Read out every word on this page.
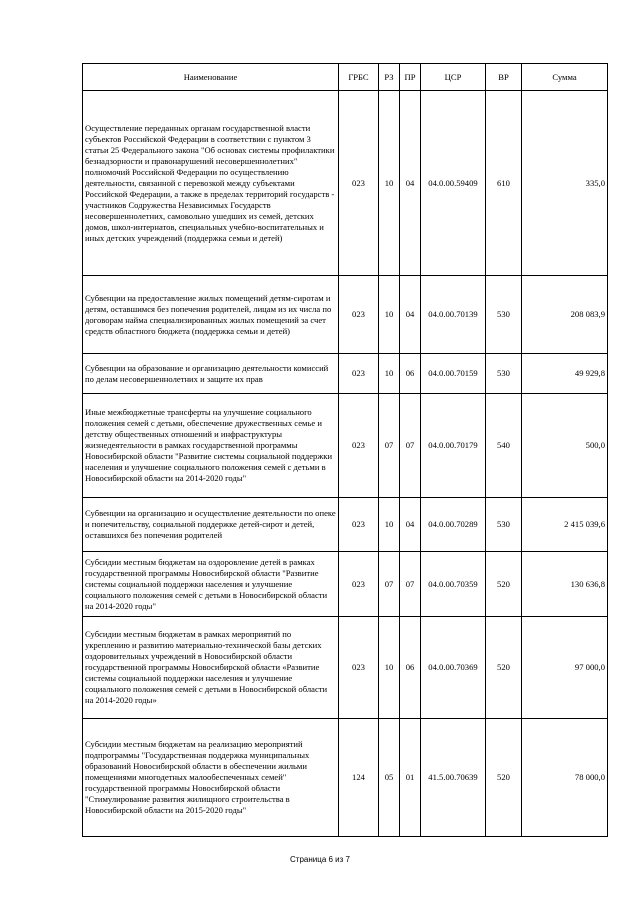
Наименование	ГРБС	РЗ	ПР	ЦСР	ВР	Сумма
Осуществление переданных органам государственной власти субъектов Российской Федерации в соответствии с пунктом 3 статьи 25 Федерального закона "Об основах системы профилактики безнадзорности и правонарушений несовершеннолетних" полномочий Российской Федерации по осуществлению деятельности, связанной с перевозкой между субъектами Российской Федерации, а также в пределах территорий государств - участников Содружества Независимых Государств несовершеннолетних, самовольно ушедших из семей, детских домов, школ-интернатов, специальных учебно-воспитательных и иных детских учреждений (поддержка семьи и детей)	023	10	04	04.0.00.59409	610	335,0
Субвенции на предоставление жилых помещений детям-сиротам и детям, оставшимся без попечения родителей, лицам из их числа по договорам найма специализированных жилых помещений за счет средств областного бюджета (поддержка семьи и детей)	023	10	04	04.0.00.70139	530	208 083,9
Субвенции на образование и организацию деятельности комиссий по делам несовершеннолетних и защите их прав	023	10	06	04.0.00.70159	530	49 929,8
Иные межбюджетные трансферты на улучшение социального положения семей с детьми, обеспечение дружественных семье и детству общественных отношений и инфраструктуры жизнедеятельности в рамках государственной программы Новосибирской области "Развитие системы социальной поддержки населения и улучшение социального положения семей с детьми в Новосибирской области на 2014-2020 годы"	023	07	07	04.0.00.70179	540	500,0
Субвенции на организацию и осуществление деятельности по опеке и попечительству, социальной поддержке детей-сирот и детей, оставшихся без попечения родителей	023	10	04	04.0.00.70289	530	2 415 039,6
Субсидии местным бюджетам на оздоровление детей в рамках государственной программы Новосибирской области "Развитие системы социальной поддержки населения и улучшение социального положения семей с детьми в Новосибирской области на 2014-2020 годы"	023	07	07	04.0.00.70359	520	130 636,8
Субсидии местным бюджетам в рамках мероприятий по укреплению и развитию материально-технической базы детских оздоровительных учреждений в Новосибирской области государственной программы Новосибирской области «Развитие системы социальной поддержки населения и улучшение социального положения семей с детьми в Новосибирской области на 2014-2020 годы»	023	10	06	04.0.00.70369	520	97 000,0
Субсидии местным бюджетам на реализацию мероприятий подпрограммы "Государственная поддержка муниципальных образований Новосибирской области в обеспечении жильми помещениями многодетных малообеспеченных семей" государственной программы Новосибирской области "Стимулирование развития жилищного строительства в Новосибирской области на 2015-2020 годы"	124	05	01	41.5.00.70639	520	78 000,0
Страница 6 из 7
